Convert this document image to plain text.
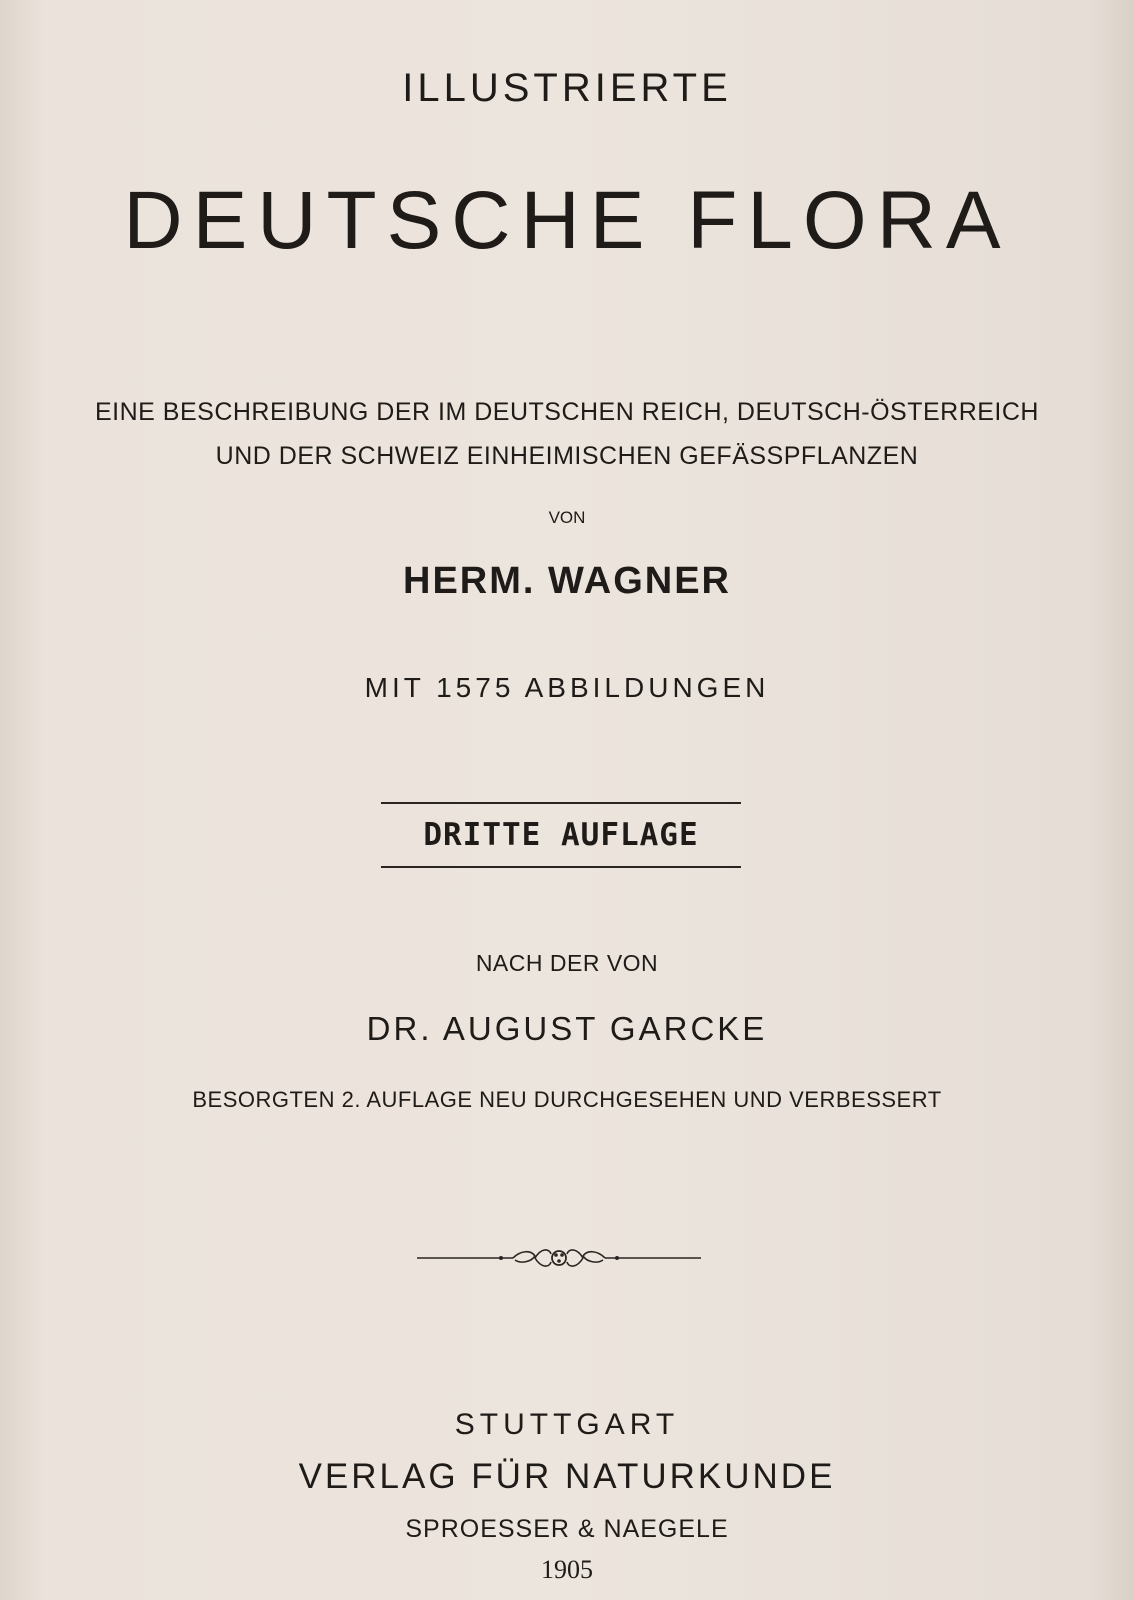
ILLUSTRIERTE
DEUTSCHE FLORA
EINE BESCHREIBUNG DER IM DEUTSCHEN REICH, DEUTSCH-ÖSTERREICH
UND DER SCHWEIZ EINHEIMISCHEN GEFÄSSPFLANZEN
VON
HERM. WAGNER
MIT 1575 ABBILDUNGEN
DRITTE AUFLAGE
NACH DER VON
DR. AUGUST GARCKE
BESORGTEN 2. AUFLAGE NEU DURCHGESEHEN UND VERBESSERT
STUTTGART
VERLAG FÜR NATURKUNDE
SPROESSER & NAEGELE
1905
